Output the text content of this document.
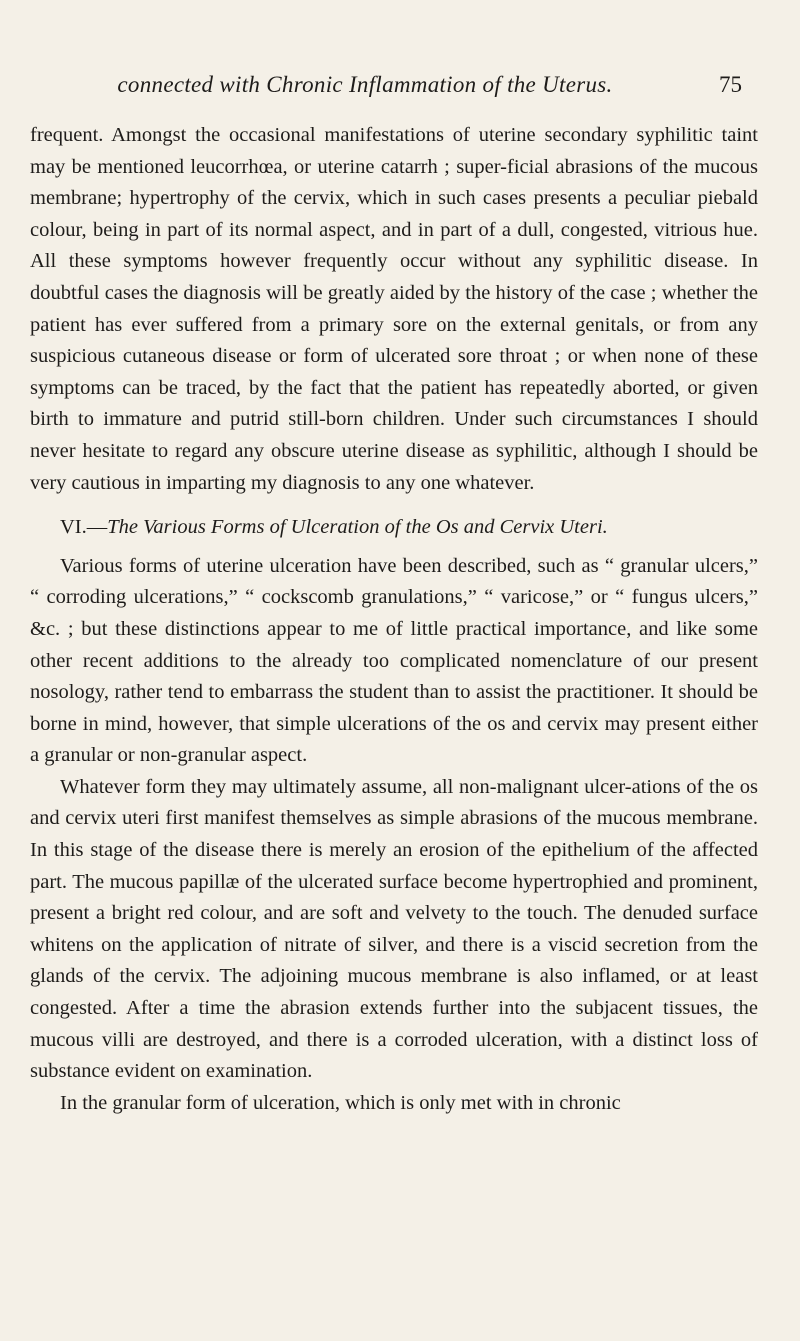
connected with Chronic Inflammation of the Uterus.	75

frequent. Amongst the occasional manifestations of uterine secondary syphilitic taint may be mentioned leucorrhœa, or uterine catarrh ; super-ficial abrasions of the mucous membrane; hypertrophy of the cervix, which in such cases presents a peculiar piebald colour, being in part of its normal aspect, and in part of a dull, congested, vitrious hue. All these symptoms however frequently occur without any syphilitic disease. In doubtful cases the diagnosis will be greatly aided by the history of the case ; whether the patient has ever suffered from a primary sore on the external genitals, or from any suspicious cutaneous disease or form of ulcerated sore throat ; or when none of these symptoms can be traced, by the fact that the patient has repeatedly aborted, or given birth to immature and putrid still-born children. Under such circumstances I should never hesitate to regard any obscure uterine disease as syphilitic, although I should be very cautious in imparting my diagnosis to any one whatever.

VI.—The Various Forms of Ulceration of the Os and Cervix Uteri.

Various forms of uterine ulceration have been described, such as “ granular ulcers,” “ corroding ulcerations,” “ cockscomb granulations,” “ varicose,” or “ fungus ulcers,” &c. ; but these distinctions appear to me of little practical importance, and like some other recent additions to the already too complicated nomenclature of our present nosology, rather tend to embarrass the student than to assist the practitioner. It should be borne in mind, however, that simple ulcerations of the os and cervix may present either a granular or non-granular aspect.

Whatever form they may ultimately assume, all non-malignant ulcer-ations of the os and cervix uteri first manifest themselves as simple abrasions of the mucous membrane. In this stage of the disease there is merely an erosion of the epithelium of the affected part. The mucous papillæ of the ulcerated surface become hypertrophied and prominent, present a bright red colour, and are soft and velvety to the touch. The denuded surface whitens on the application of nitrate of silver, and there is a viscid secretion from the glands of the cervix. The adjoining mucous membrane is also inflamed, or at least congested. After a time the abrasion extends further into the subjacent tissues, the mucous villi are destroyed, and there is a corroded ulceration, with a distinct loss of substance evident on examination.

In the granular form of ulceration, which is only met with in chronic
